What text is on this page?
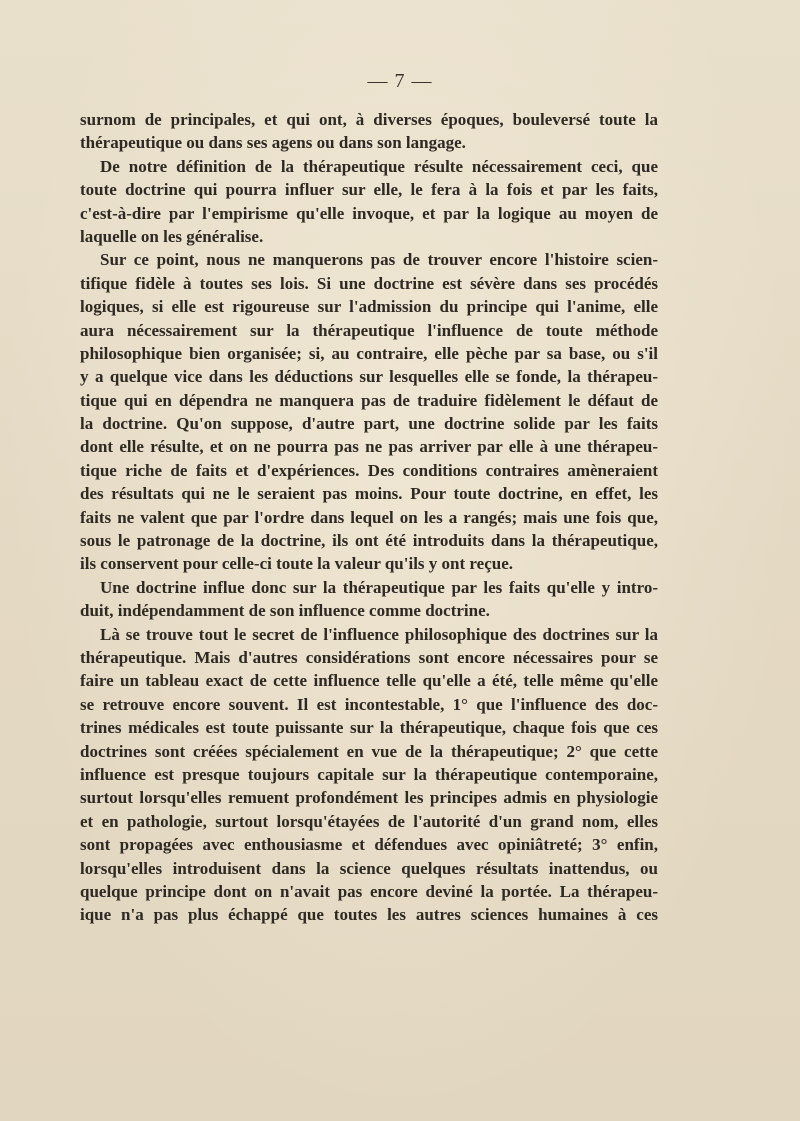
— 7 —
surnom de principales, et qui ont, à diverses époques, bouleversé toute la
thérapeutique ou dans ses agens ou dans son langage.
De notre définition de la thérapeutique résulte nécessairement ceci, que
toute doctrine qui pourra influer sur elle, le fera à la fois et par les faits,
c'est-à-dire par l'empirisme qu'elle invoque, et par la logique au moyen de
laquelle on les généralise.
Sur ce point, nous ne manquerons pas de trouver encore l'histoire scien-
tifique fidèle à toutes ses lois. Si une doctrine est sévère dans ses procédés
logiques, si elle est rigoureuse sur l'admission du principe qui l'anime, elle
aura nécessairement sur la thérapeutique l'influence de toute méthode
philosophique bien organisée; si, au contraire, elle pèche par sa base, ou s'il
y a quelque vice dans les déductions sur lesquelles elle se fonde, la thérapeu-
tique qui en dépendra ne manquera pas de traduire fidèlement le défaut de
la doctrine. Qu'on suppose, d'autre part, une doctrine solide par les faits
dont elle résulte, et on ne pourra pas ne pas arriver par elle à une thérapeu-
tique riche de faits et d'expériences. Des conditions contraires amèneraient
des résultats qui ne le seraient pas moins. Pour toute doctrine, en effet, les
faits ne valent que par l'ordre dans lequel on les a rangés; mais une fois que,
sous le patronage de la doctrine, ils ont été introduits dans la thérapeutique,
ils conservent pour celle-ci toute la valeur qu'ils y ont reçue.
Une doctrine influe donc sur la thérapeutique par les faits qu'elle y intro-
duit, indépendamment de son influence comme doctrine.
Là se trouve tout le secret de l'influence philosophique des doctrines sur la
thérapeutique. Mais d'autres considérations sont encore nécessaires pour se
faire un tableau exact de cette influence telle qu'elle a été, telle même qu'elle
se retrouve encore souvent. Il est incontestable, 1° que l'influence des doc-
trines médicales est toute puissante sur la thérapeutique, chaque fois que ces
doctrines sont créées spécialement en vue de la thérapeutique; 2° que cette
influence est presque toujours capitale sur la thérapeutique contemporaine,
surtout lorsqu'elles remuent profondément les principes admis en physiologie
et en pathologie, surtout lorsqu'étayées de l'autorité d'un grand nom, elles
sont propagées avec enthousiasme et défendues avec opiniâtreté; 3° enfin,
lorsqu'elles introduisent dans la science quelques résultats inattendus, ou
quelque principe dont on n'avait pas encore deviné la portée. La thérapeu-
ique n'a pas plus échappé que toutes les autres sciences humaines à ces
